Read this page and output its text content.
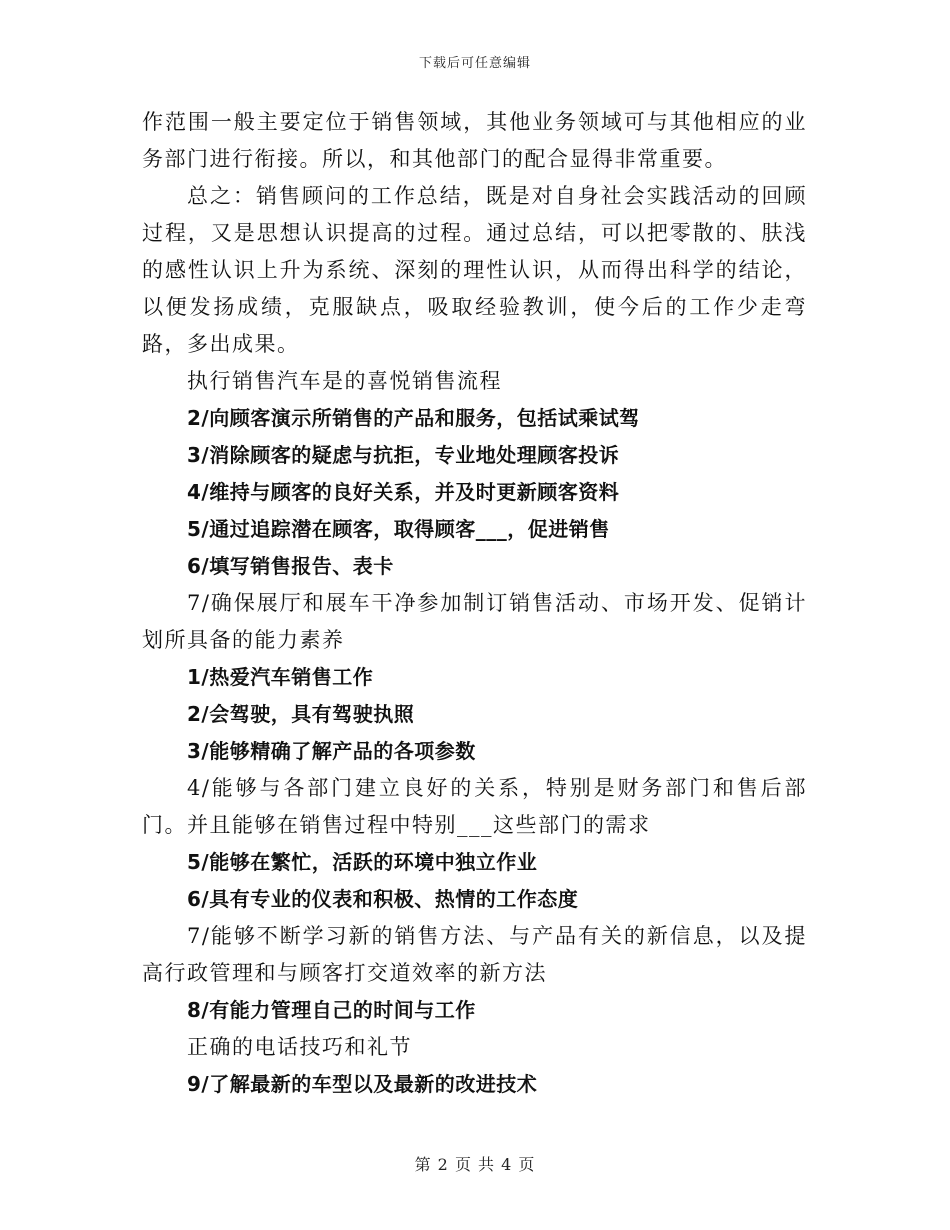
下载后可任意编辑

作范围一般主要定位于销售领域，其他业务领域可与其他相应的业务部门进行衔接。所以，和其他部门的配合显得非常重要。

总之：销售顾问的工作总结，既是对自身社会实践活动的回顾过程，又是思想认识提高的过程。通过总结，可以把零散的、肤浅的感性认识上升为系统、深刻的理性认识，从而得出科学的结论，以便发扬成绩，克服缺点，吸取经验教训，使今后的工作少走弯路，多出成果。

执行销售汽车是的喜悦销售流程

2/向顾客演示所销售的产品和服务，包括试乘试驾

3/消除顾客的疑虑与抗拒，专业地处理顾客投诉

4/维持与顾客的良好关系，并及时更新顾客资料

5/通过追踪潜在顾客，取得顾客___，促进销售

6/填写销售报告、表卡

7/确保展厅和展车干净参加制订销售活动、市场开发、促销计划所具备的能力素养

1/热爱汽车销售工作

2/会驾驶，具有驾驶执照

3/能够精确了解产品的各项参数

4/能够与各部门建立良好的关系，特别是财务部门和售后部门。并且能够在销售过程中特别___这些部门的需求

5/能够在繁忙，活跃的环境中独立作业

6/具有专业的仪表和积极、热情的工作态度

7/能够不断学习新的销售方法、与产品有关的新信息，以及提高行政管理和与顾客打交道效率的新方法

8/有能力管理自己的时间与工作

正确的电话技巧和礼节

9/了解最新的车型以及最新的改进技术

第 2 页 共 4 页
